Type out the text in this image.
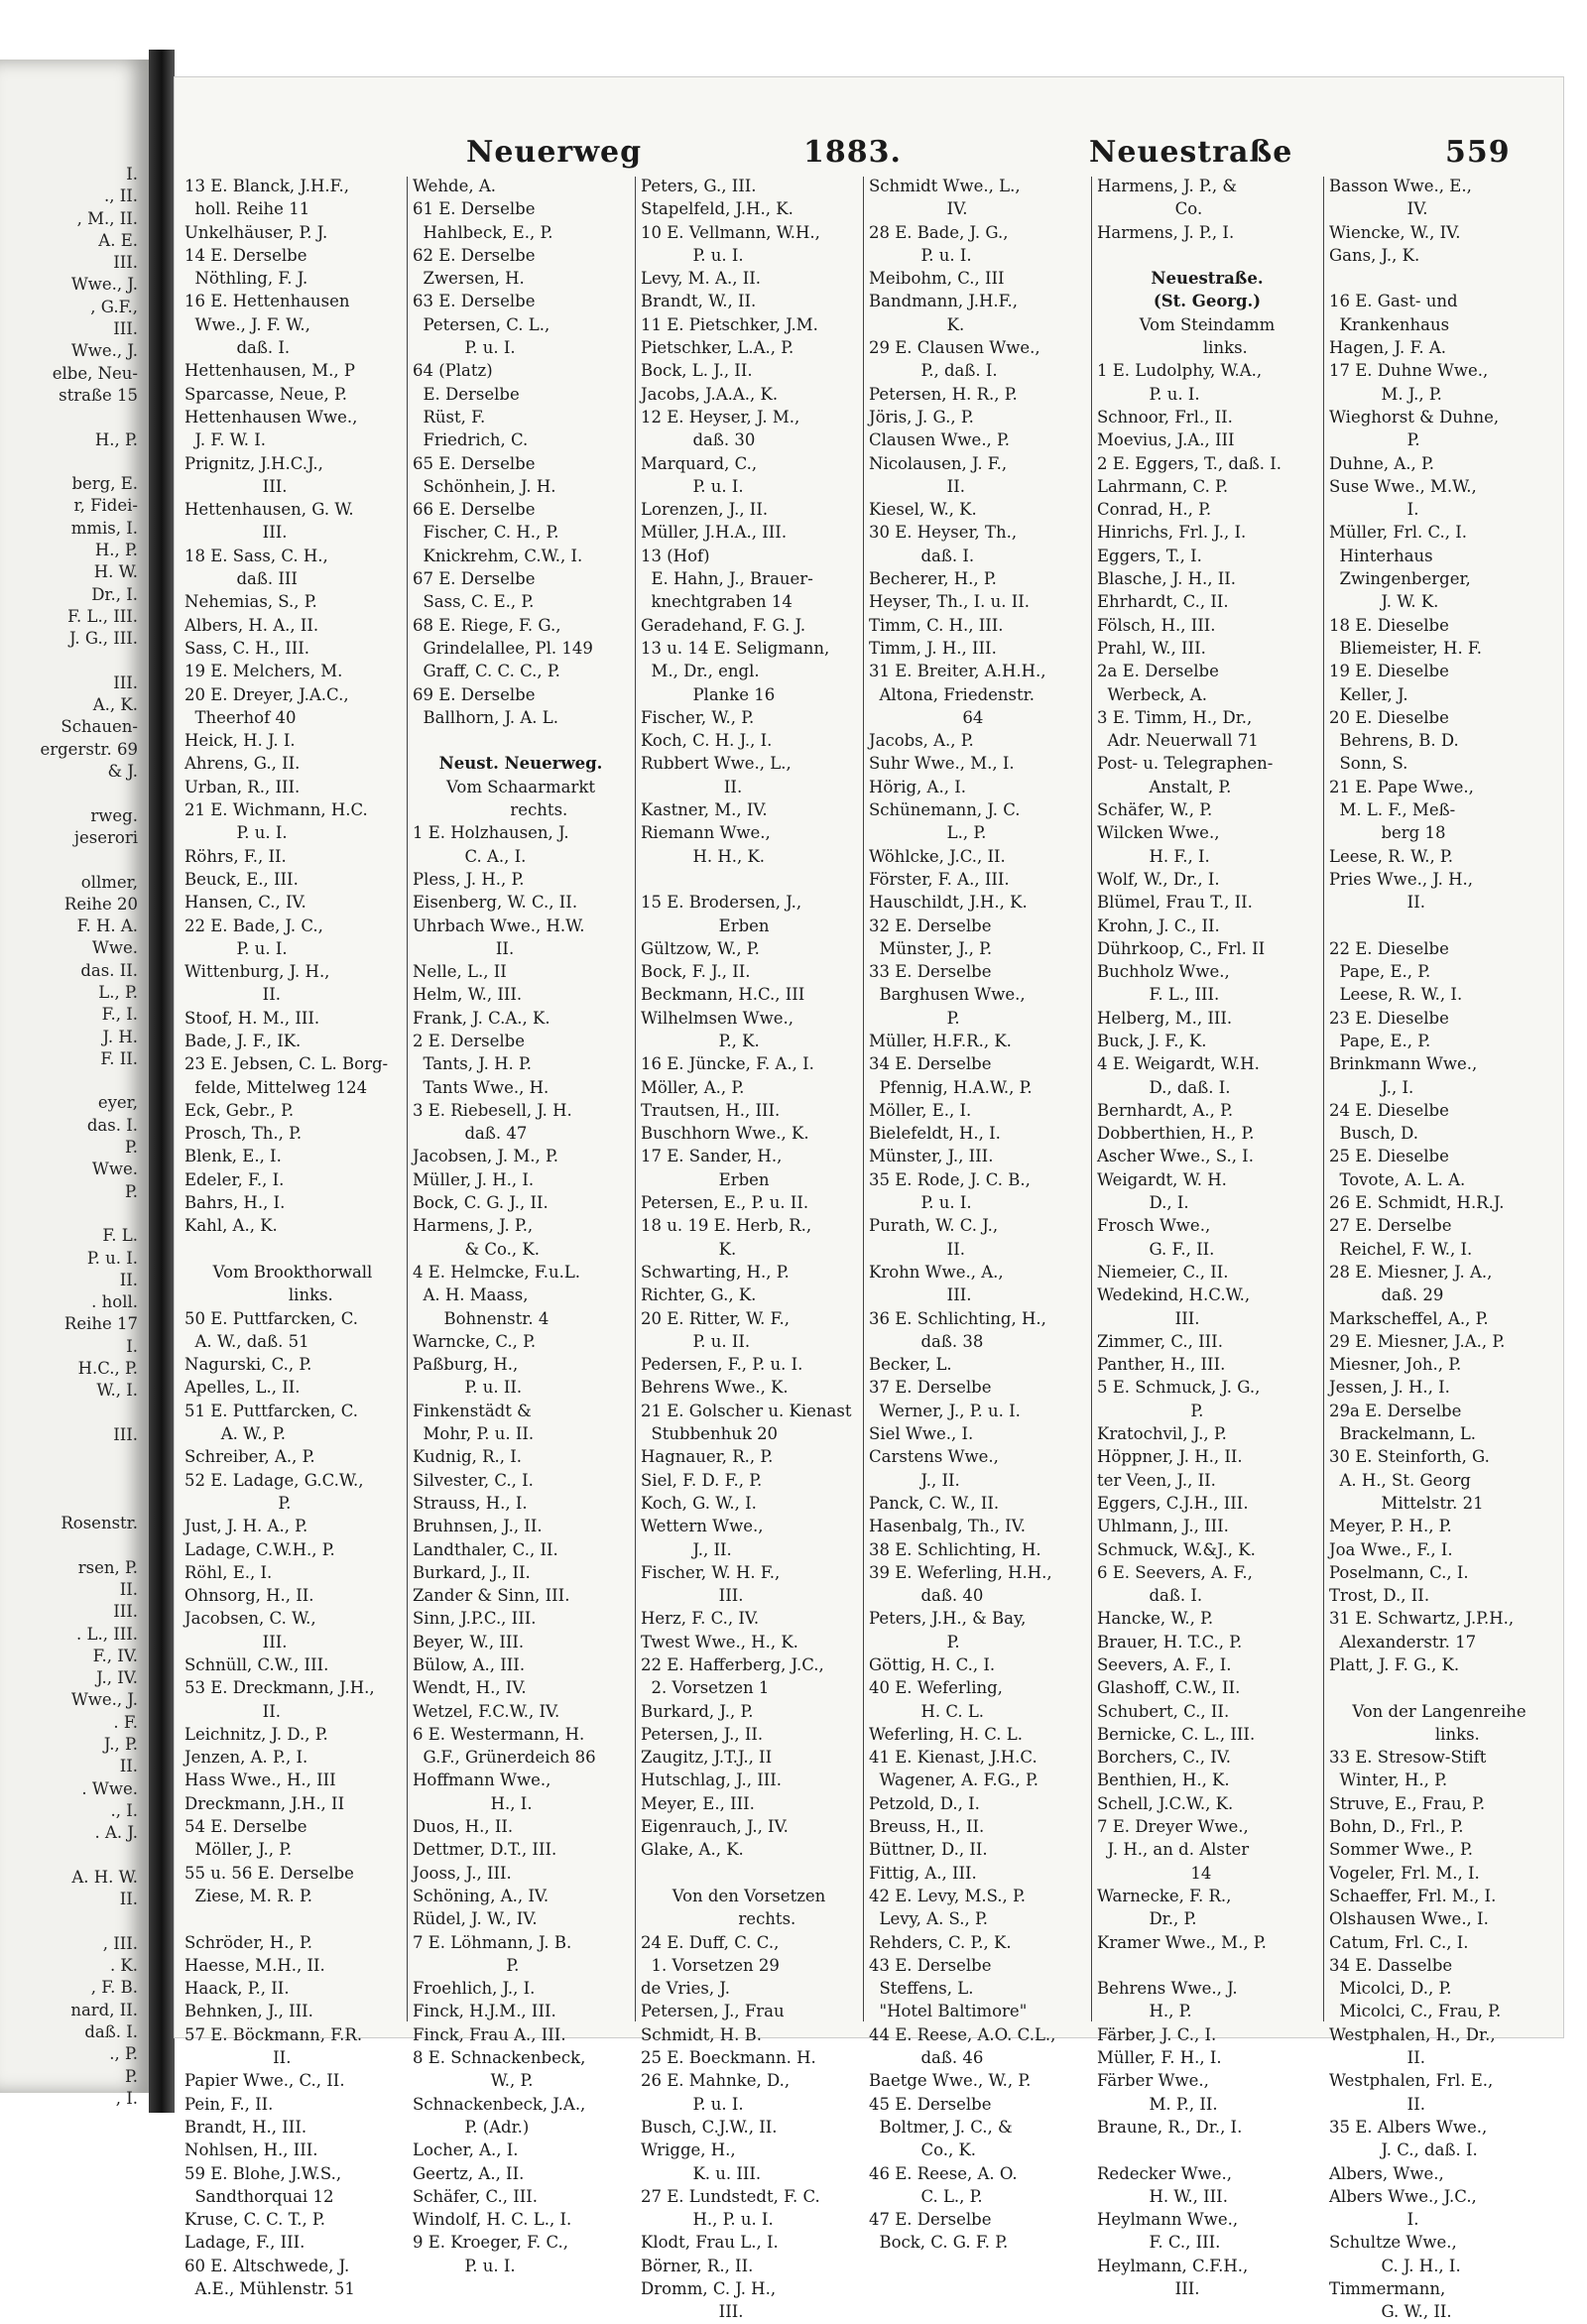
I.
., II.
, M., II.
A. E.
III.
Wwe., J.
, G.F.,
III.
Wwe., J.
elbe, Neu-
straße 15
H., P.
berg, E.
r, Fidei-
mmis, I.
H., P.
H. W.
Dr., I.
F. L., III.
J. G., III.
III.
A., K.
Schauen-
ergerstr. 69
& J.
rweg.
jeserori
ollmer,
Reihe 20
F. H. A.
Wwe.
das. II.
L., P.
F., I.
J. H.
F. II.
eyer,
das. I.
P.
Wwe.
P.
F. L.
P. u. I.
II.
. holl.
Reihe 17
I.
H.C., P.
W., I.
III.
Rosenstr.
rsen, P.
II.
III.
. L., III.
F., IV.
J., IV.
Wwe., J.
. F.
J., P.
II.
. Wwe.
., I.
. A. J.
A. H. W.
II.
, III.
. K.
, F. B.
nard, II.
daß. I.
., P.
P.
, I.
Neuerweg	1883.	Neuestraße	559
13 E. Blanck, J.H.F.,
holl. Reihe 11
Unkelhäuser, P. J.
14 E. Derselbe
Nöthling, F. J.
16 E. Hettenhausen
Wwe., J. F. W.,
daß. I.
Hettenhausen, M., P
Sparcasse, Neue, P.
Hettenhausen Wwe.,
J. F. W. I.
Prignitz, J.H.C.J.,
III.
Hettenhausen, G. W.
III.
18 E. Sass, C. H.,
daß. III
Nehemias, S., P.
Albers, H. A., II.
Sass, C. H., III.
19 E. Melchers, M.
20 E. Dreyer, J.A.C.,
Theerhof 40
Heick, H. J. I.
Ahrens, G., II.
Urban, R., III.
21 E. Wichmann, H.C.
P. u. I.
Röhrs, F., II.
Beuck, E., III.
Hansen, C., IV.
22 E. Bade, J. C.,
P. u. I.
Wittenburg, J. H.,
II.
Stoof, H. M., III.
Bade, J. F., IK.
23 E. Jebsen, C. L. Borg-
felde, Mittelweg 124
Eck, Gebr., P.
Prosch, Th., P.
Blenk, E., I.
Edeler, F., I.
Bahrs, H., I.
Kahl, A., K.
Vom Brookthorwall
links.
50 E. Puttfarcken, C.
A. W., daß. 51
Nagurski, C., P.
Apelles, L., II.
51 E. Puttfarcken, C.
A. W., P.
Schreiber, A., P.
52 E. Ladage, G.C.W.,
P.
Just, J. H. A., P.
Ladage, C.W.H., P.
Röhl, E., I.
Ohnsorg, H., II.
Jacobsen, C. W.,
III.
Schnüll, C.W., III.
53 E. Dreckmann, J.H.,
II.
Leichnitz, J. D., P.
Jenzen, A. P., I.
Hass Wwe., H., III
Dreckmann, J.H., II
54 E. Derselbe
Möller, J., P.
55 u. 56 E. Derselbe
Ziese, M. R. P.
Schröder, H., P.
Haesse, M.H., II.
Haack, P., II.
Behnken, J., III.
57 E. Böckmann, F.R.
II.
Papier Wwe., C., II.
Pein, F., II.
Brandt, H., III.
Nohlsen, H., III.
59 E. Blohe, J.W.S.,
Sandthorquai 12
Kruse, C. C. T., P.
Ladage, F., III.
60 E. Altschwede, J.
A.E., Mühlenstr. 51
Wehde, A.
61 E. Derselbe
Hahlbeck, E., P.
62 E. Derselbe
Zwersen, H.
63 E. Derselbe
Petersen, C. L.,
P. u. I.
64 (Platz)
E. Derselbe
Rüst, F.
Friedrich, C.
65 E. Derselbe
Schönhein, J. H.
66 E. Derselbe
Fischer, C. H., P.
Knickrehm, C.W., I.
67 E. Derselbe
Sass, C. E., P.
68 E. Riege, F. G.,
Grindelallee, Pl. 149
Graff, C. C. C., P.
69 E. Derselbe
Ballhorn, J. A. L.
Neust. Neuerweg.
Vom Schaarmarkt
rechts.
1 E. Holzhausen, J.
C. A., I.
Pless, J. H., P.
Eisenberg, W. C., II.
Uhrbach Wwe., H.W.
II.
Nelle, L., II
Helm, W., III.
Frank, J. C.A., K.
2 E. Derselbe
Tants, J. H. P.
Tants Wwe., H.
3 E. Riebesell, J. H.
daß. 47
Jacobsen, J. M., P.
Müller, J. H., I.
Bock, C. G. J., II.
Harmens, J. P.,
& Co., K.
4 E. Helmcke, F.u.L.
A. H. Maass,
Bohnenstr. 4
Warncke, C., P.
Paßburg, H.,
P. u. II.
Finkenstädt &
Mohr, P. u. II.
Kudnig, R., I.
Silvester, C., I.
Strauss, H., I.
Bruhnsen, J., II.
Landthaler, C., II.
Burkard, J., II.
Zander & Sinn, III.
Sinn, J.P.C., III.
Beyer, W., III.
Bülow, A., III.
Wendt, H., IV.
Wetzel, F.C.W., IV.
6 E. Westermann, H.
G.F., Grünerdeich 86
Hoffmann Wwe.,
H., I.
Duos, H., II.
Dettmer, D.T., III.
Jooss, J., III.
Schöning, A., IV.
Rüdel, J. W., IV.
7 E. Löhmann, J. B.
P.
Froehlich, J., I.
Finck, H.J.M., III.
Finck, Frau A., III.
8 E. Schnackenbeck,
W., P.
Schnackenbeck, J.A.,
P. (Adr.)
Locher, A., I.
Geertz, A., II.
Schäfer, C., III.
Windolf, H. C. L., I.
9 E. Kroeger, F. C.,
P. u. I.
Peters, G., III.
Stapelfeld, J.H., K.
10 E. Vellmann, W.H.,
P. u. I.
Levy, M. A., II.
Brandt, W., II.
11 E. Pietschker, J.M.
Pietschker, L.A., P.
Bock, L. J., II.
Jacobs, J.A.A., K.
12 E. Heyser, J. M.,
daß. 30
Marquard, C.,
P. u. I.
Lorenzen, J., II.
Müller, J.H.A., III.
13 (Hof)
E. Hahn, J., Brauer-
knechtgraben 14
Geradehand, F. G. J.
13 u. 14 E. Seligmann,
M., Dr., engl.
Planke 16
Fischer, W., P.
Koch, C. H. J., I.
Rubbert Wwe., L.,
II.
Kastner, M., IV.
Riemann Wwe.,
H. H., K.
15 E. Brodersen, J.,
Erben
Gültzow, W., P.
Bock, F. J., II.
Beckmann, H.C., III
Wilhelmsen Wwe.,
P., K.
16 E. Jüncke, F. A., I.
Möller, A., P.
Trautsen, H., III.
Buschhorn Wwe., K.
17 E. Sander, H.,
Erben
Petersen, E., P. u. II.
18 u. 19 E. Herb, R.,
K.
Schwarting, H., P.
Richter, G., K.
20 E. Ritter, W. F.,
P. u. II.
Pedersen, F., P. u. I.
Behrens Wwe., K.
21 E. Golscher u. Kienast
Stubbenhuk 20
Hagnauer, R., P.
Siel, F. D. F., P.
Koch, G. W., I.
Wettern Wwe.,
J., II.
Fischer, W. H. F.,
III.
Herz, F. C., IV.
Twest Wwe., H., K.
22 E. Hafferberg, J.C.,
2. Vorsetzen 1
Burkard, J., P.
Petersen, J., II.
Zaugitz, J.T.J., II
Hutschlag, J., III.
Meyer, E., III.
Eigenrauch, J., IV.
Glake, A., K.
Von den Vorsetzen
rechts.
24 E. Duff, C. C.,
1. Vorsetzen 29
de Vries, J.
Petersen, J., Frau
Schmidt, H. B.
25 E. Boeckmann. H.
26 E. Mahnke, D.,
P. u. I.
Busch, C.J.W., II.
Wrigge, H.,
K. u. III.
27 E. Lundstedt, F. C.
H., P. u. I.
Klodt, Frau L., I.
Börner, R., II.
Dromm, C. J. H.,
III.
Schmidt Wwe., L.,
IV.
28 E. Bade, J. G.,
P. u. I.
Meibohm, C., III
Bandmann, J.H.F.,
K.
29 E. Clausen Wwe.,
P., daß. I.
Petersen, H. R., P.
Jöris, J. G., P.
Clausen Wwe., P.
Nicolausen, J. F.,
II.
Kiesel, W., K.
30 E. Heyser, Th.,
daß. I.
Becherer, H., P.
Heyser, Th., I. u. II.
Timm, C. H., III.
Timm, J. H., III.
31 E. Breiter, A.H.H.,
Altona, Friedenstr.
64
Jacobs, A., P.
Suhr Wwe., M., I.
Hörig, A., I.
Schünemann, J. C.
L., P.
Wöhlcke, J.C., II.
Förster, F. A., III.
Hauschildt, J.H., K.
32 E. Derselbe
Münster, J., P.
33 E. Derselbe
Barghusen Wwe.,
P.
Müller, H.F.R., K.
34 E. Derselbe
Pfennig, H.A.W., P.
Möller, E., I.
Bielefeldt, H., I.
Münster, J., III.
35 E. Rode, J. C. B.,
P. u. I.
Purath, W. C. J.,
II.
Krohn Wwe., A.,
III.
36 E. Schlichting, H.,
daß. 38
Becker, L.
37 E. Derselbe
Werner, J., P. u. I.
Siel Wwe., I.
Carstens Wwe.,
J., II.
Panck, C. W., II.
Hasenbalg, Th., IV.
38 E. Schlichting, H.
39 E. Weferling, H.H.,
daß. 40
Peters, J.H., & Bay,
P.
Göttig, H. C., I.
40 E. Weferling,
H. C. L.
Weferling, H. C. L.
41 E. Kienast, J.H.C.
Wagener, A. F.G., P.
Petzold, D., I.
Breuss, H., II.
Büttner, D., II.
Fittig, A., III.
42 E. Levy, M.S., P.
Levy, A. S., P.
Rehders, C. P., K.
43 E. Derselbe
Steffens, L.
"Hotel Baltimore"
44 E. Reese, A.O. C.L.,
daß. 46
Baetge Wwe., W., P.
45 E. Derselbe
Boltmer, J. C., &
Co., K.
46 E. Reese, A. O.
C. L., P.
47 E. Derselbe
Bock, C. G. F. P.
Harmens, J. P., &
Co.
Harmens, J. P., I.
Neuestraße.
(St. Georg.)
Vom Steindamm
links.
1 E. Ludolphy, W.A.,
P. u. I.
Schnoor, Frl., II.
Moevius, J.A., III
2 E. Eggers, T., daß. I.
Lahrmann, C. P.
Conrad, H., P.
Hinrichs, Frl. J., I.
Eggers, T., I.
Blasche, J. H., II.
Ehrhardt, C., II.
Fölsch, H., III.
Prahl, W., III.
2a E. Derselbe
Werbeck, A.
3 E. Timm, H., Dr.,
Adr. Neuerwall 71
Post- u. Telegraphen-
Anstalt, P.
Schäfer, W., P.
Wilcken Wwe.,
H. F., I.
Wolf, W., Dr., I.
Blümel, Frau T., II.
Krohn, J. C., II.
Dührkoop, C., Frl. II
Buchholz Wwe.,
F. L., III.
Helberg, M., III.
Buck, J. F., K.
4 E. Weigardt, W.H.
D., daß. I.
Bernhardt, A., P.
Dobberthien, H., P.
Ascher Wwe., S., I.
Weigardt, W. H.
D., I.
Frosch Wwe.,
G. F., II.
Niemeier, C., II.
Wedekind, H.C.W.,
III.
Zimmer, C., III.
Panther, H., III.
5 E. Schmuck, J. G.,
P.
Kratochvil, J., P.
Höppner, J. H., II.
ter Veen, J., II.
Eggers, C.J.H., III.
Uhlmann, J., III.
Schmuck, W.&J., K.
6 E. Seevers, A. F.,
daß. I.
Hancke, W., P.
Brauer, H. T.C., P.
Seevers, A. F., I.
Glashoff, C.W., II.
Schubert, C., II.
Bernicke, C. L., III.
Borchers, C., IV.
Benthien, H., K.
Schell, J.C.W., K.
7 E. Dreyer Wwe.,
J. H., an d. Alster
14
Warnecke, F. R.,
Dr., P.
Kramer Wwe., M., P.
Behrens Wwe., J.
H., P.
Färber, J. C., I.
Müller, F. H., I.
Färber Wwe.,
M. P., II.
Braune, R., Dr., I.
Redecker Wwe.,
H. W., III.
Heylmann Wwe.,
F. C., III.
Heylmann, C.F.H.,
III.
Basson Wwe., E.,
IV.
Wiencke, W., IV.
Gans, J., K.
16 E. Gast- und
Krankenhaus
Hagen, J. F. A.
17 E. Duhne Wwe.,
M. J., P.
Wieghorst & Duhne,
P.
Duhne, A., P.
Suse Wwe., M.W.,
I.
Müller, Frl. C., I.
Hinterhaus
Zwingenberger,
J. W. K.
18 E. Dieselbe
Bliemeister, H. F.
19 E. Dieselbe
Keller, J.
20 E. Dieselbe
Behrens, B. D.
Sonn, S.
21 E. Pape Wwe.,
M. L. F., Meß-
berg 18
Leese, R. W., P.
Pries Wwe., J. H.,
II.
22 E. Dieselbe
Pape, E., P.
Leese, R. W., I.
23 E. Dieselbe
Pape, E., P.
Brinkmann Wwe.,
J., I.
24 E. Dieselbe
Busch, D.
25 E. Dieselbe
Tovote, A. L. A.
26 E. Schmidt, H.R.J.
27 E. Derselbe
Reichel, F. W., I.
28 E. Miesner, J. A.,
daß. 29
Markscheffel, A., P.
29 E. Miesner, J.A., P.
Miesner, Joh., P.
Jessen, J. H., I.
29a E. Derselbe
Brackelmann, L.
30 E. Steinforth, G.
A. H., St. Georg
Mittelstr. 21
Meyer, P. H., P.
Joa Wwe., F., I.
Poselmann, C., I.
Trost, D., II.
31 E. Schwartz, J.P.H.,
Alexanderstr. 17
Platt, J. F. G., K.
Von der Langenreihe
links.
33 E. Stresow-Stift
Winter, H., P.
Struve, E., Frau, P.
Bohn, D., Frl., P.
Sommer Wwe., P.
Vogeler, Frl. M., I.
Schaeffer, Frl. M., I.
Olshausen Wwe., I.
Catum, Frl. C., I.
34 E. Dasselbe
Micolci, D., P.
Micolci, C., Frau, P.
Westphalen, H., Dr.,
II.
Westphalen, Frl. E.,
II.
35 E. Albers Wwe.,
J. C., daß. I.
Albers, Wwe.,
Albers Wwe., J.C.,
I.
Schultze Wwe.,
C. J. H., I.
Timmermann,
G. W., II.
